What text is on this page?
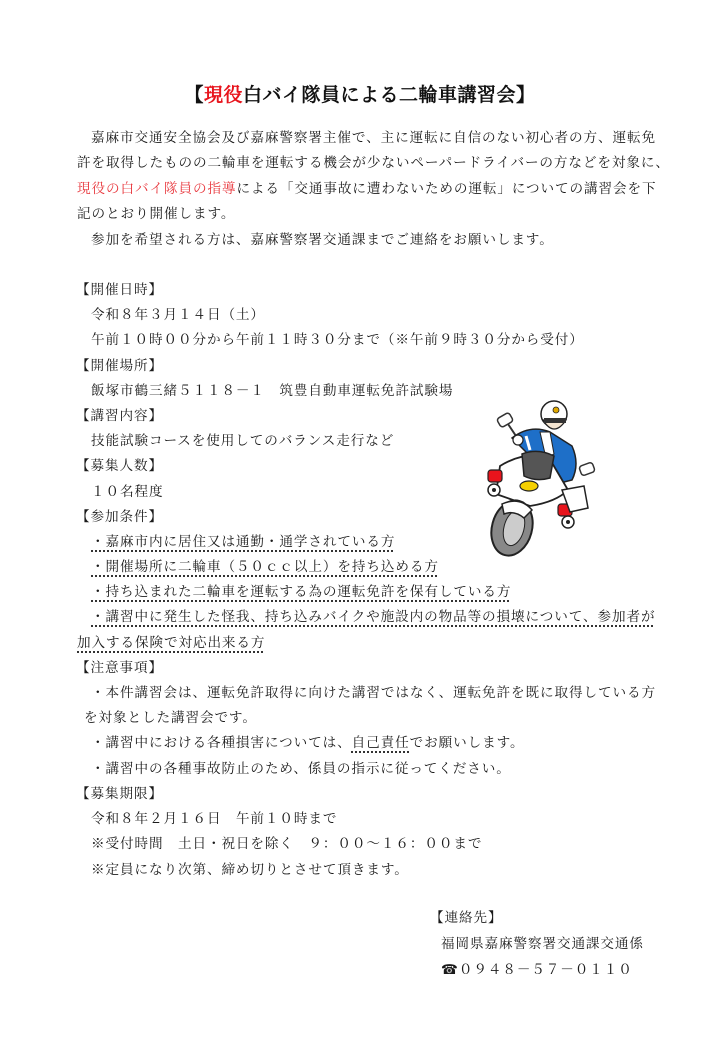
【現役白バイ隊員による二輪車講習会】
嘉麻市交通安全協会及び嘉麻警察署主催で、主に運転に自信のない初心者の方、運転免
許を取得したものの二輪車を運転する機会が少ないペーパードライバーの方などを対象に、
現役の白バイ隊員の指導による「交通事故に遭わないための運転」についての講習会を下
記のとおり開催します。
参加を希望される方は、嘉麻警察署交通課までご連絡をお願いします。
【開催日時】
令和８年３月１４日（土）
午前１０時００分から午前１１時３０分まで（※午前９時３０分から受付）
【開催場所】
飯塚市鶴三緒５１１８－１　筑豊自動車運転免許試験場
【講習内容】
技能試験コースを使用してのバランス走行など
【募集人数】
１０名程度
【参加条件】
・嘉麻市内に居住又は通勤・通学されている方
・開催場所に二輪車（５０ｃｃ以上）を持ち込める方
・持ち込まれた二輪車を運転する為の運転免許を保有している方
・講習中に発生した怪我、持ち込みバイクや施設内の物品等の損壊について、参加者が
加入する保険で対応出来る方
【注意事項】
・本件講習会は、運転免許取得に向けた講習ではなく、運転免許を既に取得している方
を対象とした講習会です。
・講習中における各種損害については、自己責任でお願いします。
・講習中の各種事故防止のため、係員の指示に従ってください。
【募集期限】
令和８年２月１６日　午前１０時まで
※受付時間　土日・祝日を除く　９：００～１６：００まで
※定員になり次第、締め切りとさせて頂きます。
【連絡先】
福岡県嘉麻警察署交通課交通係
☎０９４８－５７－０１１０
